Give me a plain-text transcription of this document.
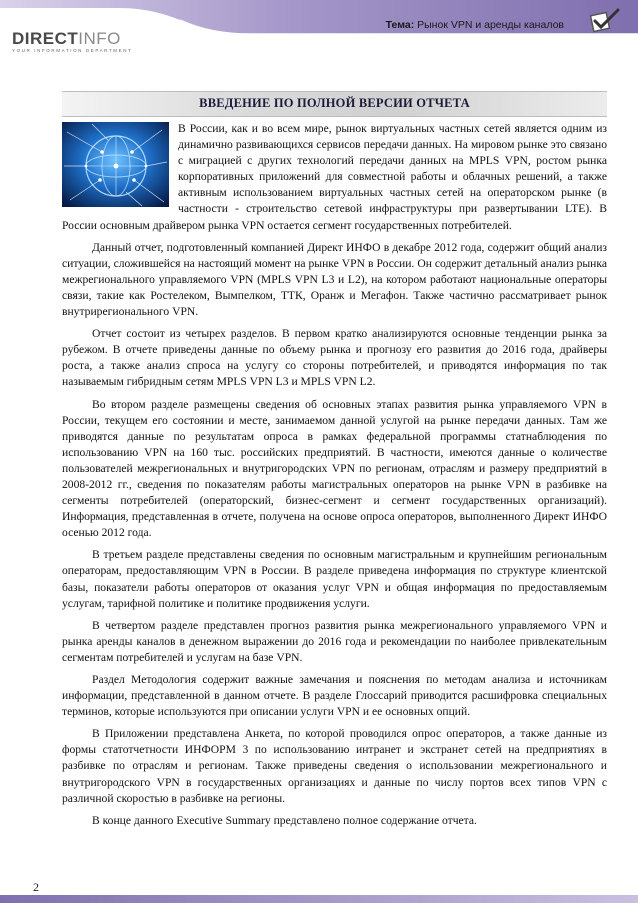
Тема: Рынок VPN и аренды каналов
DIRECTINFO
YOUR INFORMATION DEPARTMENT
ВВЕДЕНИЕ ПО ПОЛНОЙ ВЕРСИИ ОТЧЕТА

В России, как и во всем мире, рынок виртуальных частных сетей является одним из динамично развивающихся сервисов передачи данных. На мировом рынке это связано с миграцией с других технологий передачи данных на MPLS VPN, ростом рынка корпоративных приложений для совместной работы и облачных решений, а также активным использованием виртуальных частных сетей на операторском рынке (в частности - строительство сетевой инфраструктуры при развертывании LTE). В России основным драйвером рынка VPN остается сегмент государственных потребителей.

Данный отчет, подготовленный компанией Директ ИНФО в декабре 2012 года, содержит общий анализ ситуации, сложившейся на настоящий момент на рынке VPN в России. Он содержит детальный анализ рынка межрегионального управляемого VPN (MPLS VPN L3 и L2), на котором работают национальные операторы связи, такие как Ростелеком, Вымпелком, ТТК, Оранж и Мегафон. Также частично рассматривает рынок внутрирегионального VPN.

Отчет состоит из четырех разделов. В первом кратко анализируются основные тенденции рынка за рубежом. В отчете приведены данные по объему рынка и прогнозу его развития до 2016 года, драйверы роста, а также анализ спроса на услугу со стороны потребителей, и приводятся информация по так называемым гибридным сетям MPLS VPN L3 и MPLS VPN L2.

Во втором разделе размещены сведения об основных этапах развития рынка управляемого VPN в России, текущем его состоянии и месте, занимаемом данной услугой на рынке передачи данных. Там же приводятся данные по результатам опроса в рамках федеральной программы статнаблюдения по использованию VPN на 160 тыс. российских предприятий. В частности, имеются данные о количестве пользователей межрегиональных и внутригородских VPN по регионам, отраслям и размеру предприятий в 2008-2012 гг., сведения по показателям работы магистральных операторов на рынке VPN в разбивке на сегменты потребителей (операторский, бизнес-сегмент и сегмент государственных организаций). Информация, представленная в отчете, получена на основе опроса операторов, выполненного Директ ИНФО осенью 2012 года.

В третьем разделе представлены сведения по основным магистральным и крупнейшим региональным операторам, предоставляющим VPN в России. В разделе приведена информация по структуре клиентской базы, показатели работы операторов от оказания услуг VPN и общая информация по предоставляемым услугам, тарифной политике и политике продвижения услуги.

В четвертом разделе представлен прогноз развития рынка межрегионального управляемого VPN и рынка аренды каналов в денежном выражении до 2016 года и рекомендации по наиболее привлекательным сегментам потребителей и услугам на базе VPN.

Раздел Методология содержит важные замечания и пояснения по методам анализа и источникам информации, представленной в данном отчете. В разделе Глоссарий приводится расшифровка специальных терминов, которые используются при описании услуги VPN и ее основных опций.

В Приложении представлена Анкета, по которой проводился опрос операторов, а также данные из формы статотчетности ИНФОРМ 3 по использованию интранет и экстранет сетей на предприятиях в разбивке по отраслям и регионам. Также приведены сведения о использовании межрегионального и внутригородского VPN в государственных организациях и данные по числу портов всех типов VPN с различной скоростью в разбивке на регионы.

В конце данного Executive Summary представлено полное содержание отчета.

2
